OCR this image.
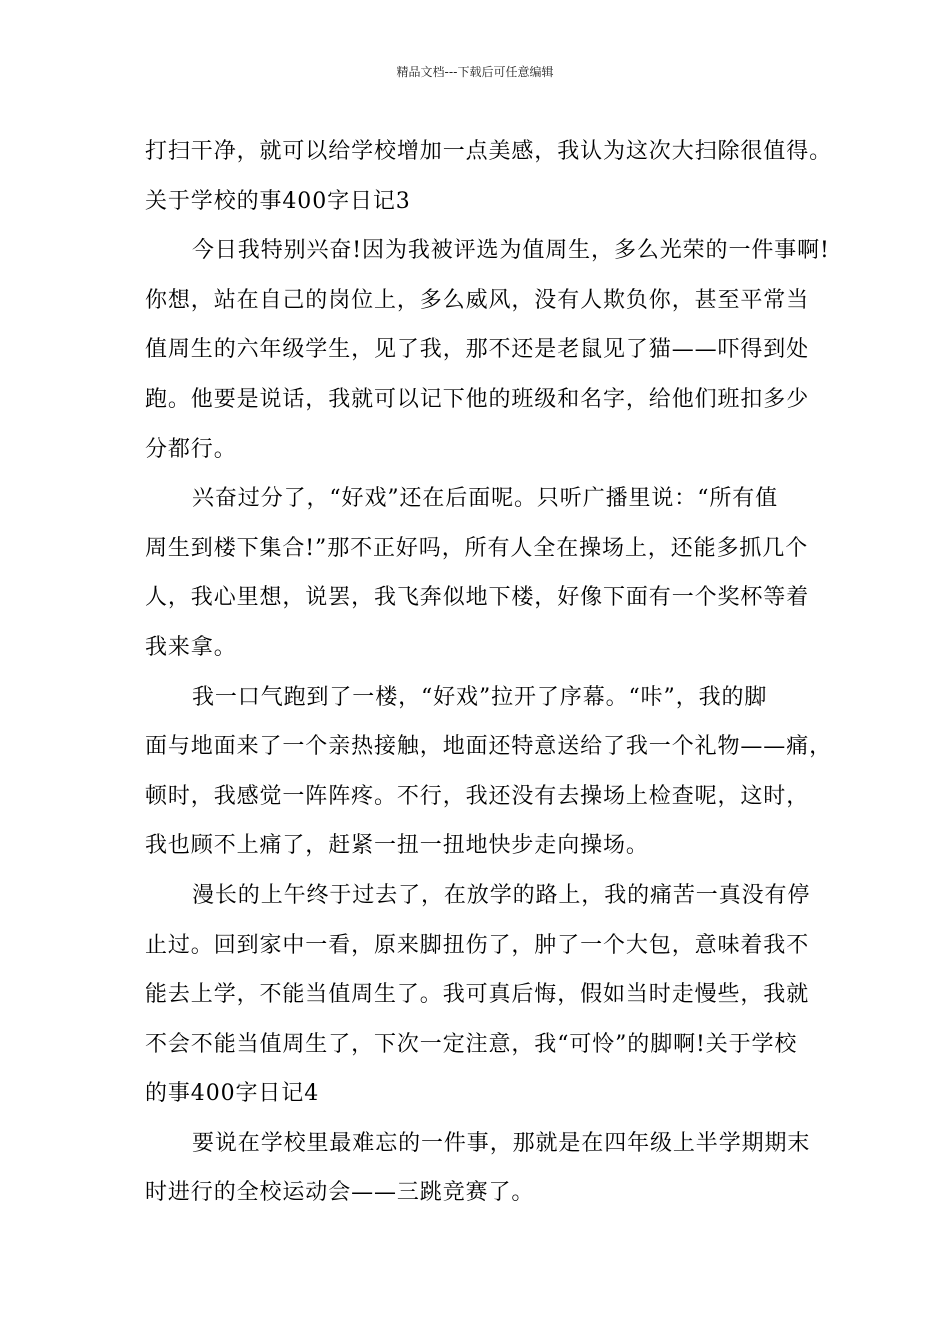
精品文档---下载后可任意编辑
打扫干净，就可以给学校增加一点美感，我认为这次大扫除很值得。
关于学校的事400字日记3
今日我特别兴奋!因为我被评选为值周生，多么光荣的一件事啊!
你想，站在自己的岗位上，多么威风，没有人欺负你，甚至平常当
值周生的六年级学生，见了我，那不还是老鼠见了猫——吓得到处
跑。他要是说话，我就可以记下他的班级和名字，给他们班扣多少
分都行。
兴奋过分了，“好戏”还在后面呢。只听广播里说：“所有值
周生到楼下集合!”那不正好吗，所有人全在操场上，还能多抓几个
人，我心里想，说罢，我飞奔似地下楼，好像下面有一个奖杯等着
我来拿。
我一口气跑到了一楼，“好戏”拉开了序幕。“咔”，我的脚
面与地面来了一个亲热接触，地面还特意送给了我一个礼物——痛，
顿时，我感觉一阵阵疼。不行，我还没有去操场上检查呢，这时，
我也顾不上痛了，赶紧一扭一扭地快步走向操场。
漫长的上午终于过去了，在放学的路上，我的痛苦一真没有停
止过。回到家中一看，原来脚扭伤了，肿了一个大包，意味着我不
能去上学，不能当值周生了。我可真后悔，假如当时走慢些，我就
不会不能当值周生了，下次一定注意，我“可怜”的脚啊!关于学校
的事400字日记4
要说在学校里最难忘的一件事，那就是在四年级上半学期期末
时进行的全校运动会——三跳竞赛了。
